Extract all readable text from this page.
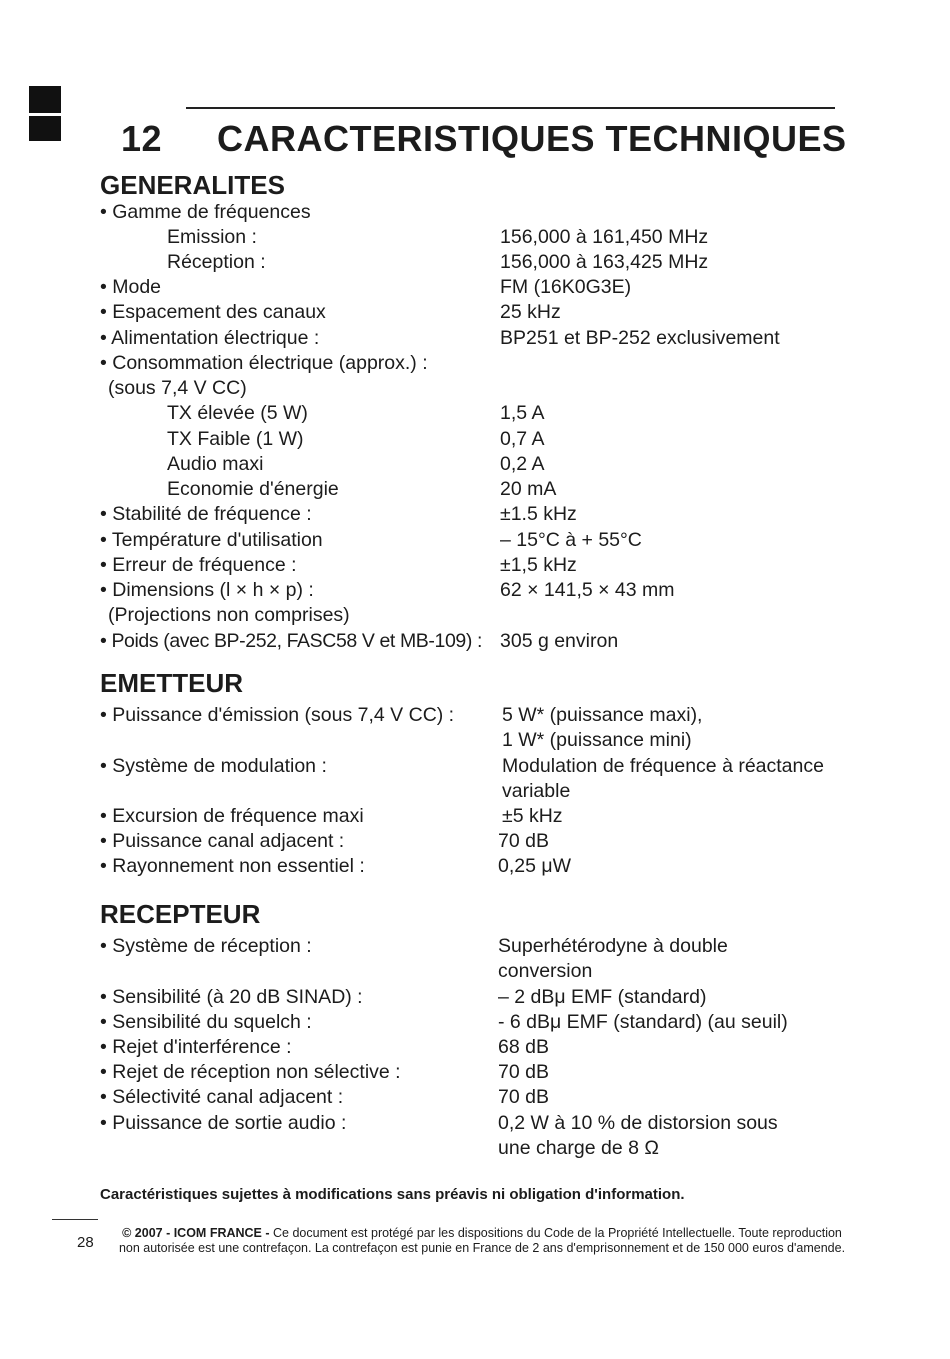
12 CARACTERISTIQUES TECHNIQUES
GENERALITES
• Gamme de fréquences
Emission :	156,000 à 161,450 MHz
Réception :	156,000 à 163,425 MHz
• Mode	FM (16K0G3E)
• Espacement des canaux	25 kHz
• Alimentation électrique :	BP251 et BP-252 exclusivement
• Consommation électrique (approx.) :
(sous 7,4 V CC)
TX élevée (5 W)	1,5 A
TX Faible (1 W)	0,7 A
Audio maxi	0,2 A
Economie d'énergie	20 mA
• Stabilité de fréquence :	±1.5 kHz
• Température d'utilisation	– 15°C à + 55°C
• Erreur de fréquence :	±1,5 kHz
• Dimensions (l × h × p) :	62 × 141,5 × 43 mm
(Projections non comprises)
• Poids (avec BP-252, FASC58 V et MB-109) : 305 g environ
EMETTEUR
• Puissance d'émission (sous 7,4 V CC) : 5 W* (puissance maxi),
1 W* (puissance mini)
• Système de modulation :	Modulation de fréquence à réactance
variable
• Excursion de fréquence maxi	±5 kHz
• Puissance canal adjacent :	70 dB
• Rayonnement non essentiel :	0,25 μW
RECEPTEUR
• Système de réception :	Superhétérodyne à double
conversion
• Sensibilité (à 20 dB SINAD) :	– 2 dBμ EMF (standard)
• Sensibilité du squelch :	- 6 dBμ EMF (standard) (au seuil)
• Rejet d'interférence :	68 dB
• Rejet de réception non sélective :	70 dB
• Sélectivité canal adjacent :	70 dB
• Puissance de sortie audio :	0,2 W à 10 % de distorsion sous
une charge de 8 Ω
Caractéristiques sujettes à modifications sans préavis ni obligation d'information.
28
© 2007 - ICOM FRANCE - Ce document est protégé par les dispositions du Code de la Propriété Intellectuelle. Toute reproduction non autorisée est une contrefaçon. La contrefaçon est punie en France de 2 ans d'emprisonnement et de 150 000 euros d'amende.
